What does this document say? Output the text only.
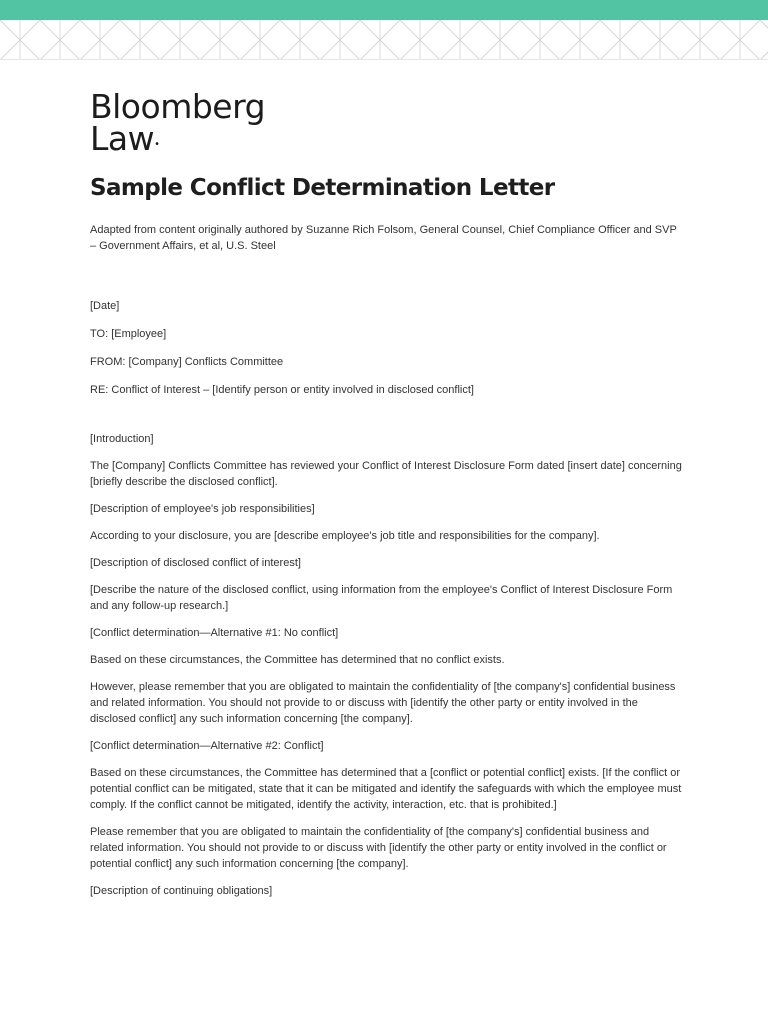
Bloomberg
Law•
Sample Conflict Determination Letter

Adapted from content originally authored by Suzanne Rich Folsom, General Counsel, Chief Compliance Officer and SVP – Government Affairs, et al, U.S. Steel

[Date]

TO: [Employee]

FROM: [Company] Conflicts Committee

RE: Conflict of Interest – [Identify person or entity involved in disclosed conflict]

[Introduction]

The [Company] Conflicts Committee has reviewed your Conflict of Interest Disclosure Form dated [insert date] concerning [briefly describe the disclosed conflict].

[Description of employee's job responsibilities]

According to your disclosure, you are [describe employee's job title and responsibilities for the company].

[Description of disclosed conflict of interest]

[Describe the nature of the disclosed conflict, using information from the employee's Conflict of Interest Disclosure Form and any follow-up research.]

[Conflict determination—Alternative #1: No conflict]

Based on these circumstances, the Committee has determined that no conflict exists.

However, please remember that you are obligated to maintain the confidentiality of [the company's] confidential business and related information. You should not provide to or discuss with [identify the other party or entity involved in the disclosed conflict] any such information concerning [the company].

[Conflict determination—Alternative #2: Conflict]

Based on these circumstances, the Committee has determined that a [conflict or potential conflict] exists. [If the conflict or potential conflict can be mitigated, state that it can be mitigated and identify the safeguards with which the employee must comply. If the conflict cannot be mitigated, identify the activity, interaction, etc. that is prohibited.]

Please remember that you are obligated to maintain the confidentiality of [the company's] confidential business and related information. You should not provide to or discuss with [identify the other party or entity involved in the conflict or potential conflict] any such information concerning [the company].

[Description of continuing obligations]
